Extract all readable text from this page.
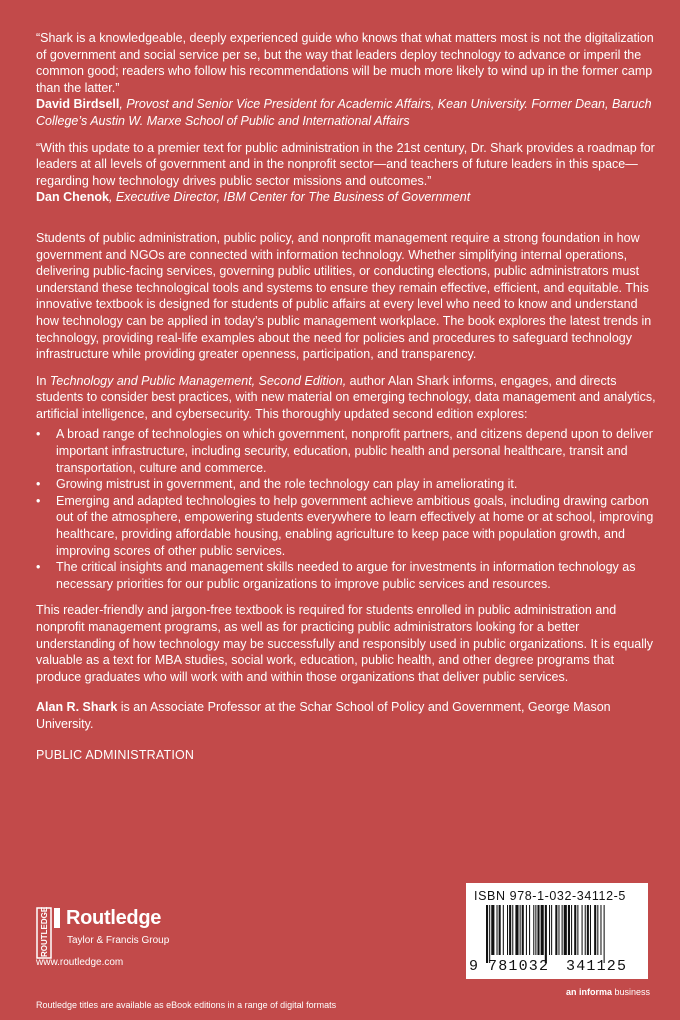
“Shark is a knowledgeable, deeply experienced guide who knows that what matters most is not the digitalization of government and social service per se, but the way that leaders deploy technology to advance or imperil the common good; readers who follow his recommendations will be much more likely to wind up in the former camp than the latter.”

David Birdsell, Provost and Senior Vice President for Academic Affairs, Kean University. Former Dean, Baruch College’s Austin W. Marxe School of Public and International Affairs

“With this update to a premier text for public administration in the 21st century, Dr. Shark provides a roadmap for leaders at all levels of government and in the nonprofit sector—and teachers of future leaders in this space—regarding how technology drives public sector missions and outcomes.”

Dan Chenok, Executive Director, IBM Center for The Business of Government

Students of public administration, public policy, and nonprofit management require a strong foundation in how government and NGOs are connected with information technology. Whether simplifying internal operations, delivering public-facing services, governing public utilities, or conducting elections, public administrators must understand these technological tools and systems to ensure they remain effective, efficient, and equitable. This innovative textbook is designed for students of public affairs at every level who need to know and understand how technology can be applied in today’s public management workplace. The book explores the latest trends in technology, providing real-life examples about the need for policies and procedures to safeguard technology infrastructure while providing greater openness, participation, and transparency.

In Technology and Public Management, Second Edition, author Alan Shark informs, engages, and directs students to consider best practices, with new material on emerging technology, data management and analytics, artificial intelligence, and cybersecurity. This thoroughly updated second edition explores:

• A broad range of technologies on which government, nonprofit partners, and citizens depend upon to deliver important infrastructure, including security, education, public health and personal healthcare, transit and transportation, culture and commerce.
• Growing mistrust in government, and the role technology can play in ameliorating it.
• Emerging and adapted technologies to help government achieve ambitious goals, including drawing carbon out of the atmosphere, empowering students everywhere to learn effectively at home or at school, improving healthcare, providing affordable housing, enabling agriculture to keep pace with population growth, and improving scores of other public services.
• The critical insights and management skills needed to argue for investments in information technology as necessary priorities for our public organizations to improve public services and resources.

This reader-friendly and jargon-free textbook is required for students enrolled in public administration and nonprofit management programs, as well as for practicing public administrators looking for a better understanding of how technology may be successfully and responsibly used in public organizations. It is equally valuable as a text for MBA studies, social work, education, public health, and other degree programs that produce graduates who will work with and within those organizations that deliver public services.

Alan R. Shark is an Associate Professor at the Schar School of Policy and Government, George Mason University.

PUBLIC ADMINISTRATION

ROUTLEDGE Routledge
Taylor & Francis Group
www.routledge.com
Routledge titles are available as eBook editions in a range of digital formats
ISBN 978-1-032-34112-5
9 781032 341125
an informa business
